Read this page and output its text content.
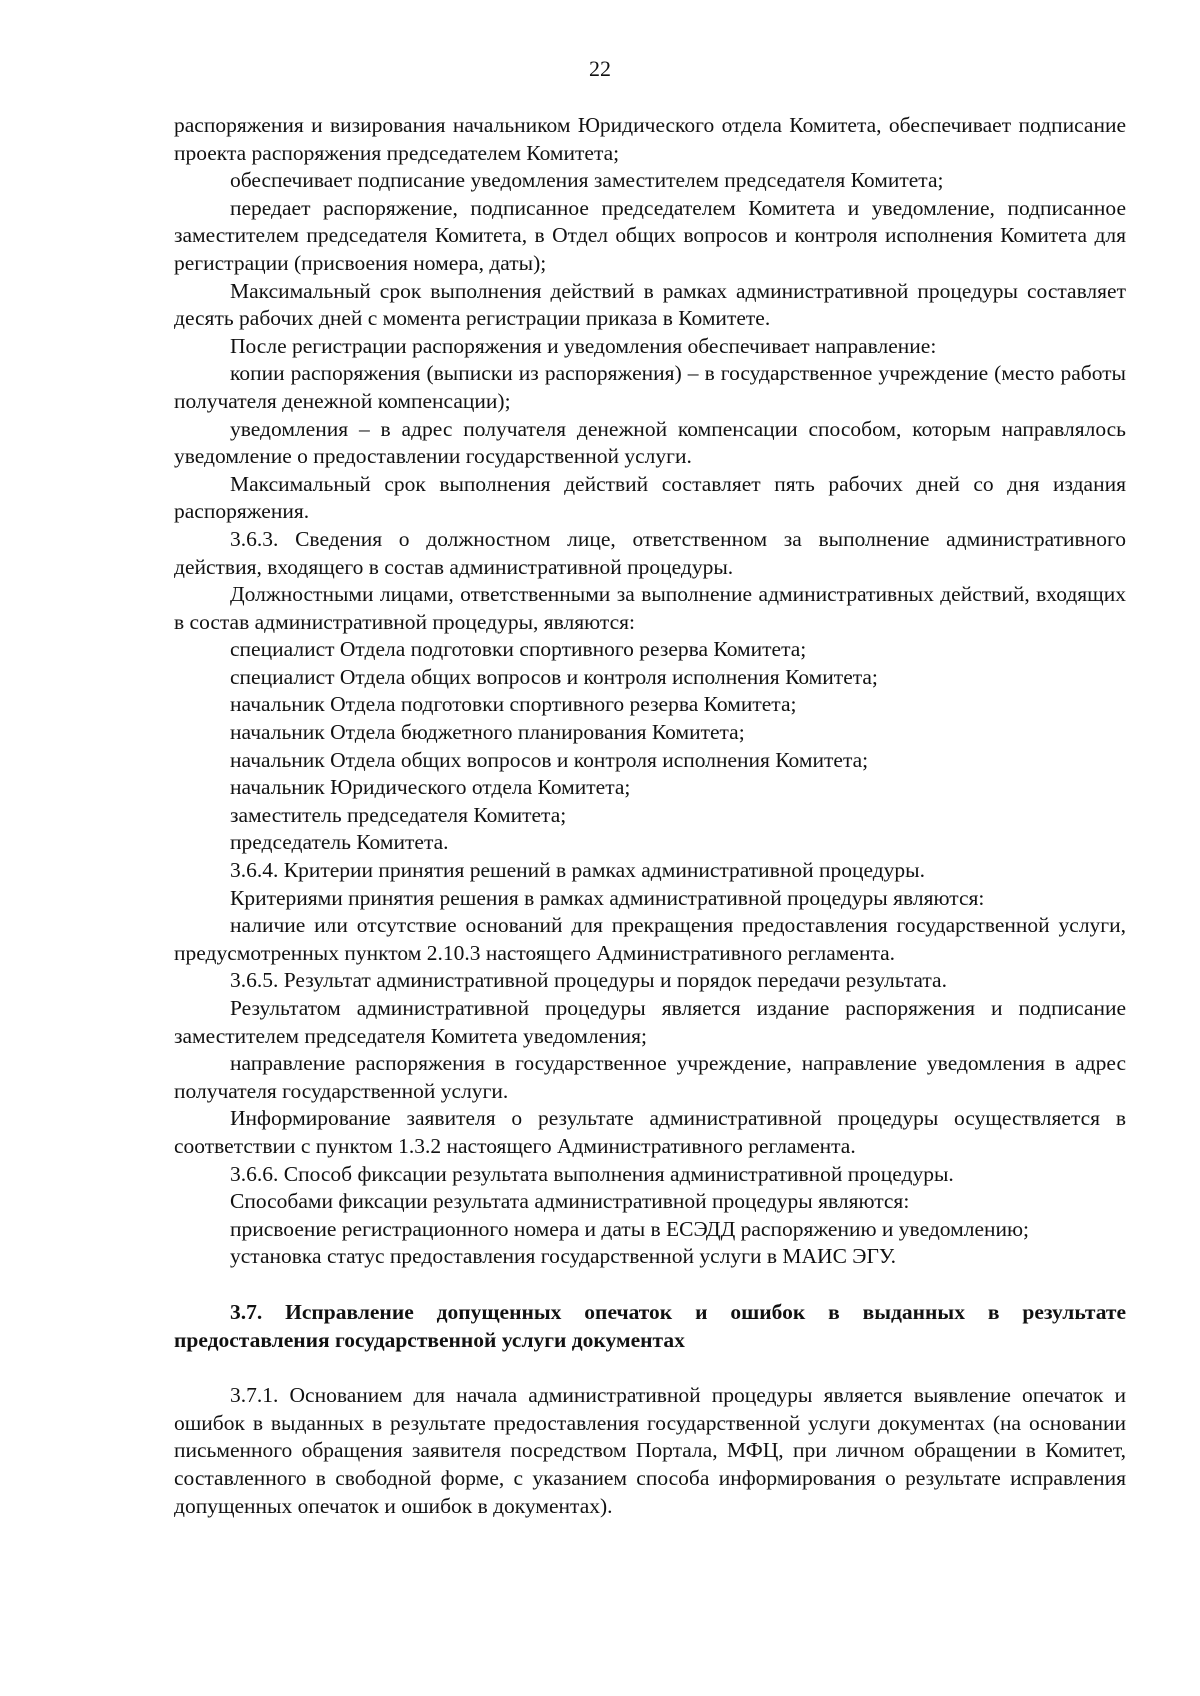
22

распоряжения и визирования начальником Юридического отдела Комитета, обеспечивает подписание проекта распоряжения председателем Комитета;

обеспечивает подписание уведомления заместителем председателя Комитета;

передает распоряжение, подписанное председателем Комитета и уведомление, подписанное заместителем председателя Комитета, в Отдел общих вопросов и контроля исполнения Комитета для регистрации (присвоения номера, даты);

Максимальный срок выполнения действий в рамках административной процедуры составляет десять рабочих дней с момента регистрации приказа в Комитете.

После регистрации распоряжения и уведомления обеспечивает направление:

копии распоряжения (выписки из распоряжения) – в государственное учреждение (место работы получателя денежной компенсации);

уведомления – в адрес получателя денежной компенсации способом, которым направлялось уведомление о предоставлении государственной услуги.

Максимальный срок выполнения действий составляет пять рабочих дней со дня издания распоряжения.

3.6.3. Сведения о должностном лице, ответственном за выполнение административного действия, входящего в состав административной процедуры.

Должностными лицами, ответственными за выполнение административных действий, входящих в состав административной процедуры, являются:

специалист Отдела подготовки спортивного резерва Комитета;

специалист Отдела общих вопросов и контроля исполнения Комитета;

начальник Отдела подготовки спортивного резерва Комитета;

начальник Отдела бюджетного планирования Комитета;

начальник Отдела общих вопросов и контроля исполнения Комитета;

начальник Юридического отдела Комитета;

заместитель председателя Комитета;

председатель Комитета.

3.6.4. Критерии принятия решений в рамках административной процедуры.

Критериями принятия решения в рамках административной процедуры являются:

наличие или отсутствие оснований для прекращения предоставления государственной услуги, предусмотренных пунктом 2.10.3 настоящего Административного регламента.

3.6.5. Результат административной процедуры и порядок передачи результата.

Результатом административной процедуры является издание распоряжения и подписание заместителем председателя Комитета уведомления;

направление распоряжения в государственное учреждение, направление уведомления в адрес получателя государственной услуги.

Информирование заявителя о результате административной процедуры осуществляется в соответствии с пунктом 1.3.2 настоящего Административного регламента.

3.6.6. Способ фиксации результата выполнения административной процедуры.

Способами фиксации результата административной процедуры являются:

присвоение регистрационного номера и даты в ЕСЭДД распоряжению и уведомлению;

установка статус предоставления государственной услуги в МАИС ЭГУ.

3.7. Исправление допущенных опечаток и ошибок в выданных в результате предоставления государственной услуги документах

3.7.1. Основанием для начала административной процедуры является выявление опечаток и ошибок в выданных в результате предоставления государственной услуги документах (на основании письменного обращения заявителя посредством Портала, МФЦ, при личном обращении в Комитет, составленного в свободной форме, с указанием способа информирования о результате исправления допущенных опечаток и ошибок в документах).
